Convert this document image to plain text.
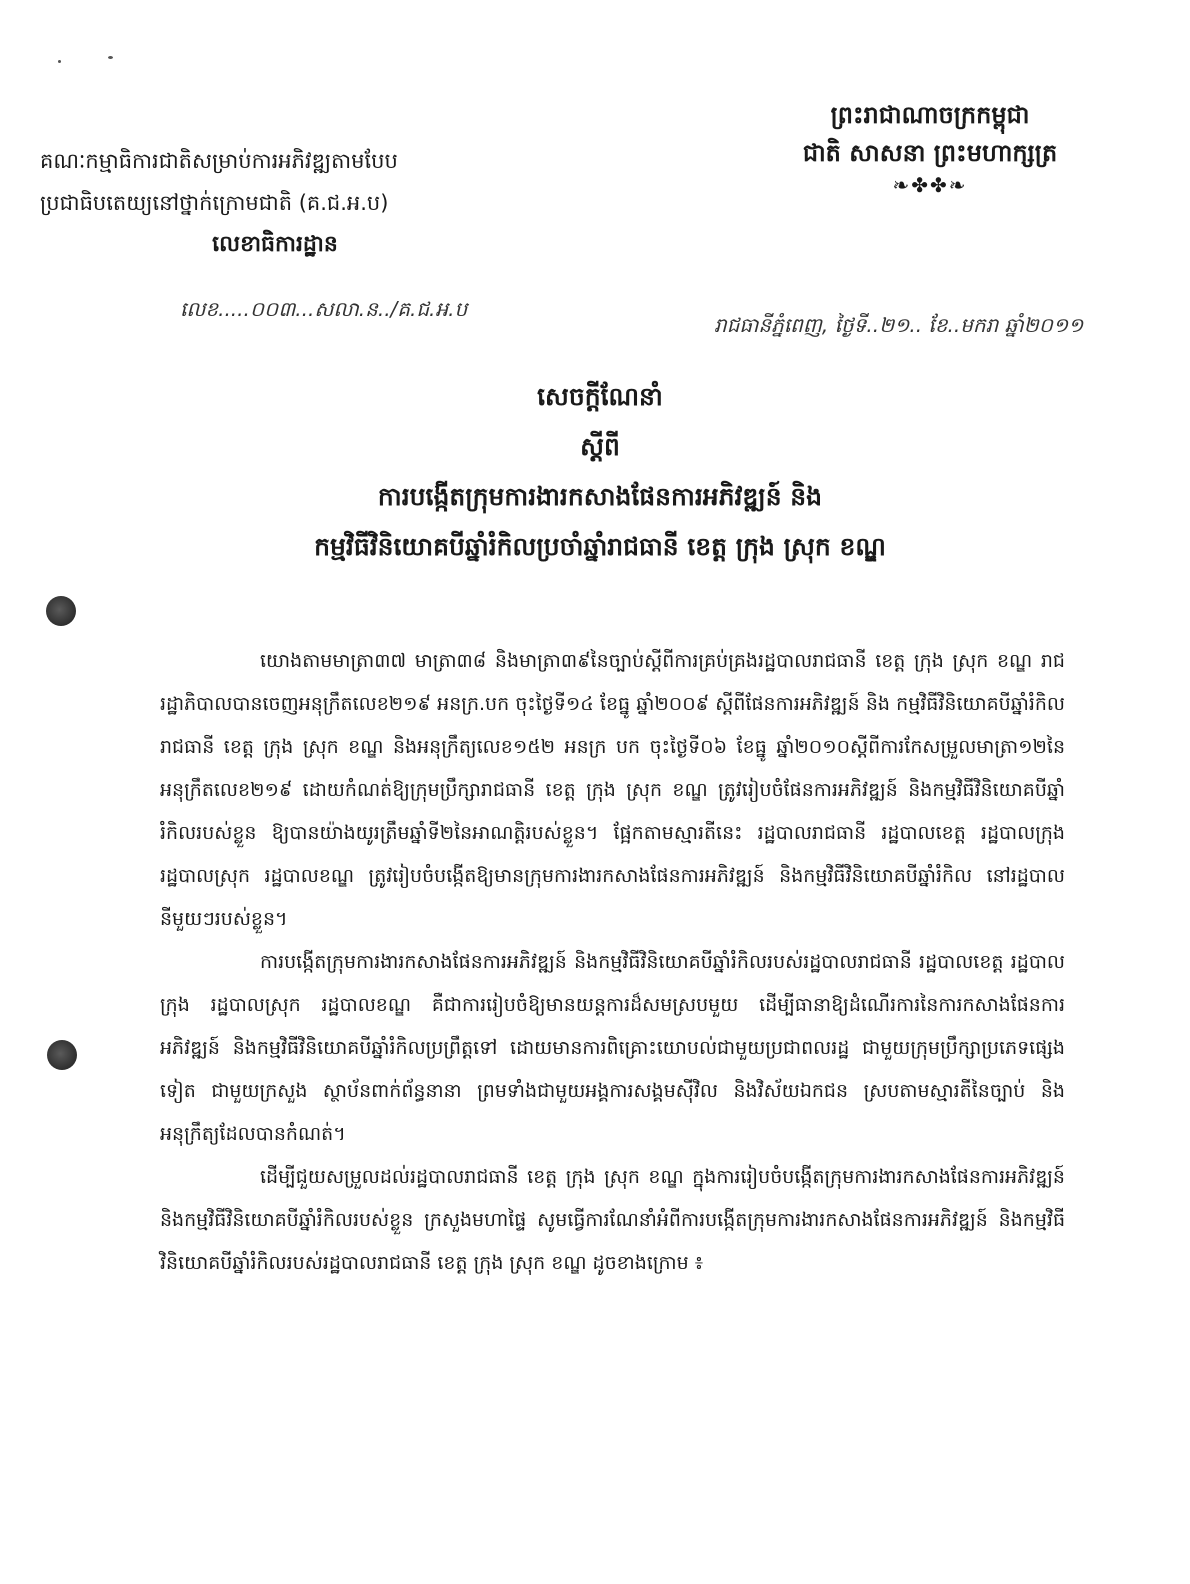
ព្រះរាជាណាចក្រកម្ពុជា
ជាតិ សាសនា ព្រះមហាក្សត្រ
❧✤✤❧
គណៈកម្មាធិការជាតិសម្រាប់ការអភិវឌ្ឍតាមបែប
ប្រជាធិបតេយ្យនៅថ្នាក់ក្រោមជាតិ (គ.ជ.អ.ប)
លេខាធិការដ្ឋាន
លេខ.....០០៣...សលា.ន../គ.ជ.អ.ប
រាជធានីភ្នំពេញ, ថ្ងៃទី..២១.. ខែ..មករា ឆ្នាំ២០១១
សេចក្តីណែនាំ
ស្តីពី
ការបង្កើតក្រុមការងារកសាងផែនការអភិវឌ្ឍន៍ និង
កម្មវិធីវិនិយោគបីឆ្នាំរំកិលប្រចាំឆ្នាំរាជធានី ខេត្ត ក្រុង ស្រុក ខណ្ឌ

យោងតាមមាត្រា៣៧ មាត្រា៣៨ និងមាត្រា៣៩នៃច្បាប់ស្តីពីការគ្រប់គ្រងរដ្ឋបាលរាជធានី ខេត្ត ក្រុង ស្រុក ខណ្ឌ រាជរដ្ឋាភិបាលបានចេញអនុក្រឹតលេខ២១៩ អនក្រ.បក ចុះថ្ងៃទី១៤ ខែធ្នូ ឆ្នាំ២០០៩ ស្តីពីផែនការអភិវឌ្ឍន៍ និង កម្មវិធីវិនិយោគបីឆ្នាំរំកិលរាជធានី ខេត្ត ក្រុង ស្រុក ខណ្ឌ និងអនុក្រឹត្យលេខ១៥២ អនក្រ បក ចុះថ្ងៃទី០៦ ខែធ្នូ ឆ្នាំ២០១០ស្តីពីការកែសម្រួលមាត្រា១២នៃអនុក្រឹតលេខ២១៩ ដោយកំណត់ឱ្យក្រុមប្រឹក្សារាជធានី ខេត្ត ក្រុង ស្រុក ខណ្ឌ ត្រូវរៀបចំផែនការអភិវឌ្ឍន៍ និងកម្មវិធីវិនិយោគបីឆ្នាំរំកិលរបស់ខ្លួន ឱ្យបានយ៉ាងយូរត្រឹមឆ្នាំទី២នៃអាណត្តិរបស់ខ្លួន។ ផ្អែកតាមស្មារតីនេះ រដ្ឋបាលរាជធានី រដ្ឋបាលខេត្ត រដ្ឋបាលក្រុង រដ្ឋបាលស្រុក រដ្ឋបាលខណ្ឌ ត្រូវរៀបចំបង្កើតឱ្យមានក្រុមការងារកសាងផែនការអភិវឌ្ឍន៍ និងកម្មវិធីវិនិយោគបីឆ្នាំរំកិល នៅរដ្ឋបាលនីមួយៗរបស់ខ្លួន។

ការបង្កើតក្រុមការងារកសាងផែនការអភិវឌ្ឍន៍ និងកម្មវិធីវិនិយោគបីឆ្នាំរំកិលរបស់រដ្ឋបាលរាជធានី រដ្ឋបាលខេត្ត រដ្ឋបាលក្រុង រដ្ឋបាលស្រុក រដ្ឋបាលខណ្ឌ គឺជាការរៀបចំឱ្យមានយន្តការដ៏សមស្របមួយ ដើម្បីធានាឱ្យដំណើរការនៃការកសាងផែនការអភិវឌ្ឍន៍ និងកម្មវិធីវិនិយោគបីឆ្នាំរំកិលប្រព្រឹត្តទៅ ដោយមានការពិគ្រោះយោបល់ជាមួយប្រជាពលរដ្ឋ ជាមួយក្រុមប្រឹក្សាប្រភេទផ្សេងទៀត ជាមួយក្រសួង ស្ថាប័នពាក់ព័ន្ធនានា ព្រមទាំងជាមួយអង្គការសង្គមស៊ីវិល និងវិស័យឯកជន ស្របតាមស្មារតីនៃច្បាប់ និងអនុក្រឹត្យដែលបានកំណត់។

ដើម្បីជួយសម្រួលដល់រដ្ឋបាលរាជធានី ខេត្ត ក្រុង ស្រុក ខណ្ឌ ក្នុងការរៀបចំបង្កើតក្រុមការងារកសាងផែនការអភិវឌ្ឍន៍ និងកម្មវិធីវិនិយោគបីឆ្នាំរំកិលរបស់ខ្លួន ក្រសួងមហាផ្ទៃ សូមធ្វើការណែនាំអំពីការបង្កើតក្រុមការងារកសាងផែនការអភិវឌ្ឍន៍ និងកម្មវិធីវិនិយោគបីឆ្នាំរំកិលរបស់រដ្ឋបាលរាជធានី ខេត្ត ក្រុង ស្រុក ខណ្ឌ ដូចខាងក្រោម ៖
